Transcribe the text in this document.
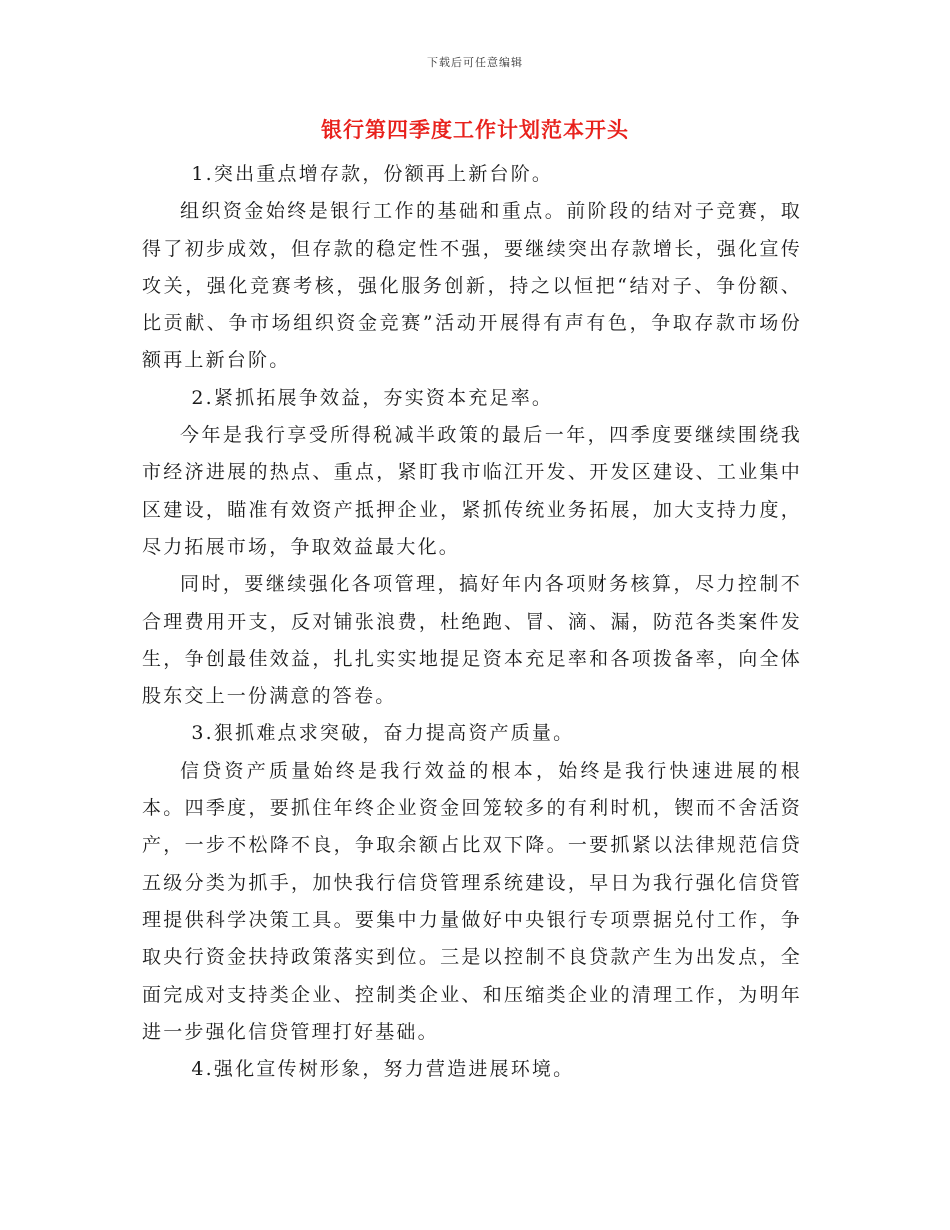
下载后可任意编辑
银行第四季度工作计划范本开头

1.突出重点增存款，份额再上新台阶。

组织资金始终是银行工作的基础和重点。前阶段的结对子竞赛，取得了初步成效，但存款的稳定性不强，要继续突出存款增长，强化宣传攻关，强化竞赛考核，强化服务创新，持之以恒把“结对子、争份额、比贡献、争市场组织资金竞赛”活动开展得有声有色，争取存款市场份额再上新台阶。

2.紧抓拓展争效益，夯实资本充足率。

今年是我行享受所得税减半政策的最后一年，四季度要继续围绕我市经济进展的热点、重点，紧盯我市临江开发、开发区建设、工业集中区建设，瞄准有效资产抵押企业，紧抓传统业务拓展，加大支持力度，尽力拓展市场，争取效益最大化。

同时，要继续强化各项管理，搞好年内各项财务核算，尽力控制不合理费用开支，反对铺张浪费，杜绝跑、冒、滴、漏，防范各类案件发生，争创最佳效益，扎扎实实地提足资本充足率和各项拨备率，向全体股东交上一份满意的答卷。

3.狠抓难点求突破，奋力提高资产质量。

信贷资产质量始终是我行效益的根本，始终是我行快速进展的根本。四季度，要抓住年终企业资金回笼较多的有利时机，锲而不舍活资产，一步不松降不良，争取余额占比双下降。一要抓紧以法律规范信贷五级分类为抓手，加快我行信贷管理系统建设，早日为我行强化信贷管理提供科学决策工具。要集中力量做好中央银行专项票据兑付工作，争取央行资金扶持政策落实到位。三是以控制不良贷款产生为出发点，全面完成对支持类企业、控制类企业、和压缩类企业的清理工作，为明年进一步强化信贷管理打好基础。

4.强化宣传树形象，努力营造进展环境。
